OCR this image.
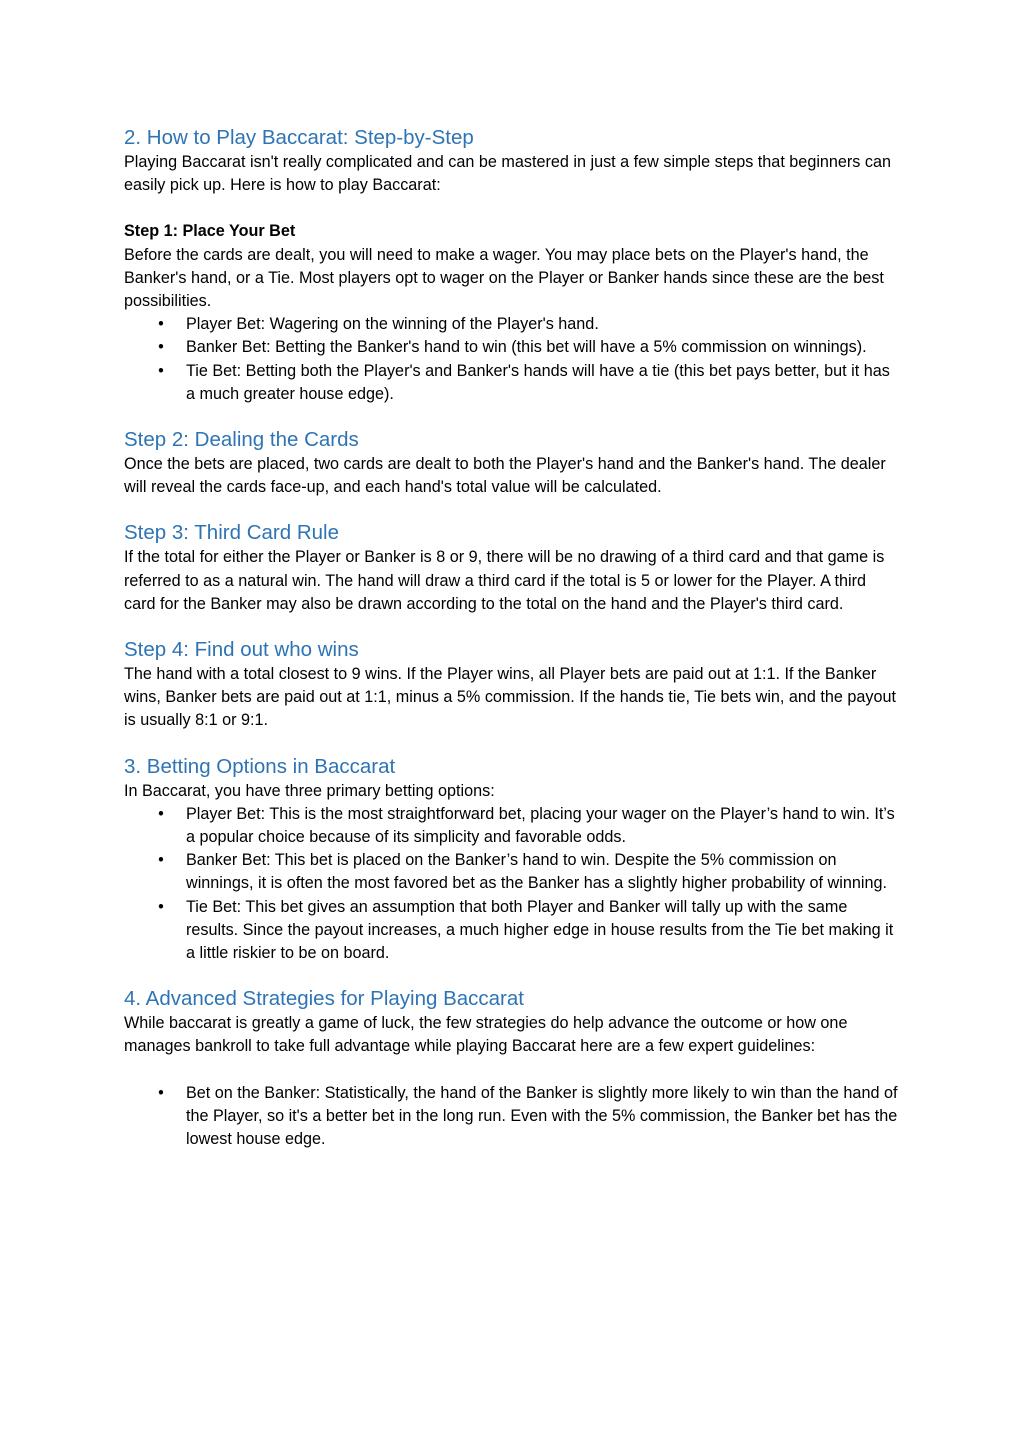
2. How to Play Baccarat: Step-by-Step

Playing Baccarat isn't really complicated and can be mastered in just a few simple steps that beginners can easily pick up. Here is how to play Baccarat:

Step 1: Place Your Bet

Before the cards are dealt, you will need to make a wager. You may place bets on the Player's hand, the Banker's hand, or a Tie. Most players opt to wager on the Player or Banker hands since these are the best possibilities.

• Player Bet: Wagering on the winning of the Player's hand.
• Banker Bet: Betting the Banker's hand to win (this bet will have a 5% commission on winnings).
• Tie Bet: Betting both the Player's and Banker's hands will have a tie (this bet pays better, but it has a much greater house edge).
Step 2: Dealing the Cards

Once the bets are placed, two cards are dealt to both the Player's hand and the Banker's hand. The dealer will reveal the cards face-up, and each hand's total value will be calculated.

Step 3: Third Card Rule

If the total for either the Player or Banker is 8 or 9, there will be no drawing of a third card and that game is referred to as a natural win. The hand will draw a third card if the total is 5 or lower for the Player. A third card for the Banker may also be drawn according to the total on the hand and the Player's third card.

Step 4: Find out who wins

The hand with a total closest to 9 wins. If the Player wins, all Player bets are paid out at 1:1. If the Banker wins, Banker bets are paid out at 1:1, minus a 5% commission. If the hands tie, Tie bets win, and the payout is usually 8:1 or 9:1.

3. Betting Options in Baccarat

In Baccarat, you have three primary betting options:

• Player Bet: This is the most straightforward bet, placing your wager on the Player’s hand to win. It’s a popular choice because of its simplicity and favorable odds.
• Banker Bet: This bet is placed on the Banker’s hand to win. Despite the 5% commission on winnings, it is often the most favored bet as the Banker has a slightly higher probability of winning.
• Tie Bet: This bet gives an assumption that both Player and Banker will tally up with the same results. Since the payout increases, a much higher edge in house results from the Tie bet making it a little riskier to be on board.
4. Advanced Strategies for Playing Baccarat

While baccarat is greatly a game of luck, the few strategies do help advance the outcome or how one manages bankroll to take full advantage while playing Baccarat here are a few expert guidelines:

• Bet on the Banker: Statistically, the hand of the Banker is slightly more likely to win than the hand of the Player, so it's a better bet in the long run. Even with the 5% commission, the Banker bet has the lowest house edge.
